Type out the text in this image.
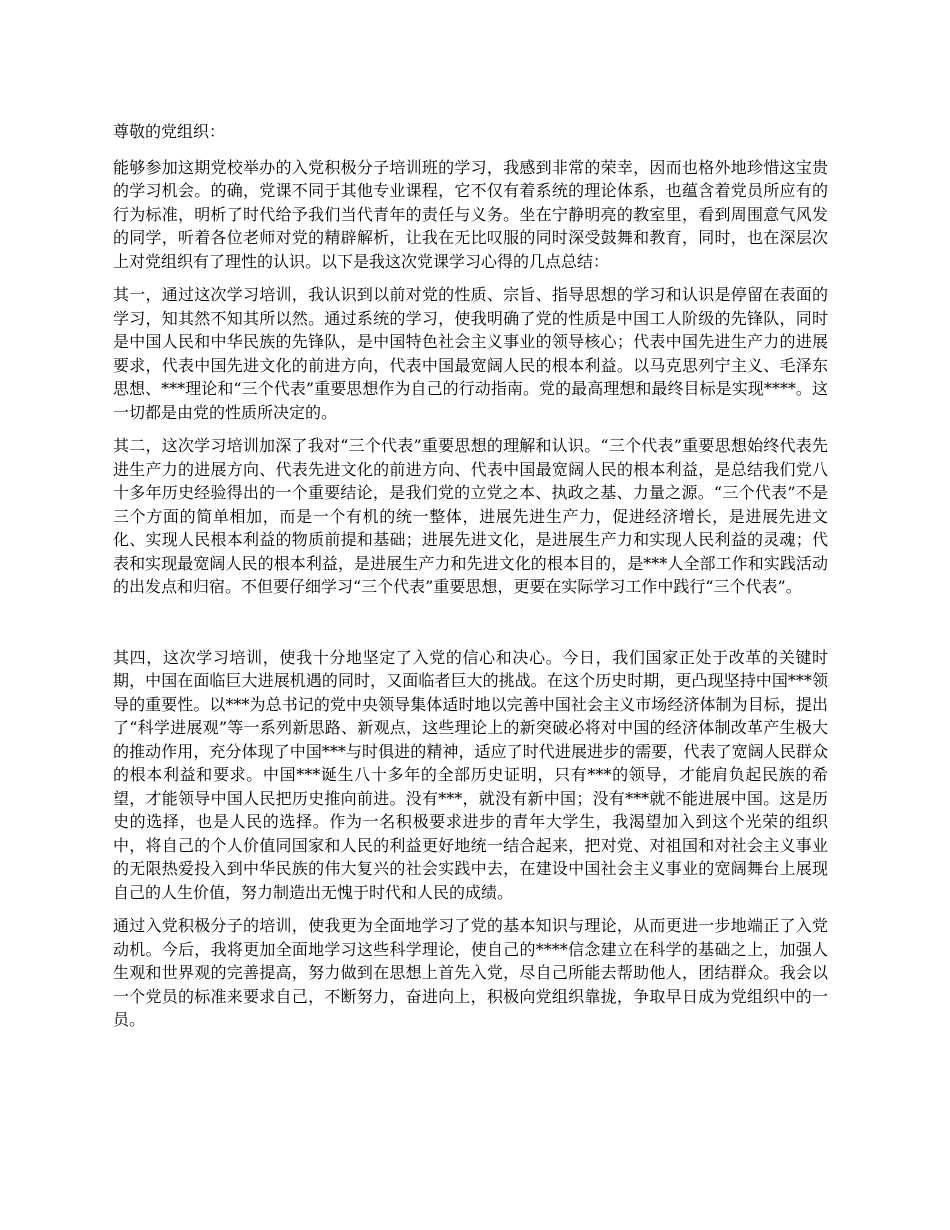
尊敬的党组织：

能够参加这期党校举办的入党积极分子培训班的学习，我感到非常的荣幸，因而也格外地珍惜这宝贵的学习机会。的确，党课不同于其他专业课程，它不仅有着系统的理论体系，也蕴含着党员所应有的行为标准，明析了时代给予我们当代青年的责任与义务。坐在宁静明亮的教室里，看到周围意气风发的同学，听着各位老师对党的精辟解析，让我在无比叹服的同时深受鼓舞和教育，同时，也在深层次上对党组织有了理性的认识。以下是我这次党课学习心得的几点总结：

其一，通过这次学习培训，我认识到以前对党的性质、宗旨、指导思想的学习和认识是停留在表面的学习，知其然不知其所以然。通过系统的学习，使我明确了党的性质是中国工人阶级的先锋队，同时是中国人民和中华民族的先锋队，是中国特色社会主义事业的领导核心；代表中国先进生产力的进展要求，代表中国先进文化的前进方向，代表中国最宽阔人民的根本利益。以马克思列宁主义、毛泽东思想、***理论和“三个代表”重要思想作为自己的行动指南。党的最高理想和最终目标是实现****。这一切都是由党的性质所决定的。

其二，这次学习培训加深了我对“三个代表”重要思想的理解和认识。“三个代表”重要思想始终代表先进生产力的进展方向、代表先进文化的前进方向、代表中国最宽阔人民的根本利益，是总结我们党八十多年历史经验得出的一个重要结论，是我们党的立党之本、执政之基、力量之源。“三个代表”不是三个方面的简单相加，而是一个有机的统一整体，进展先进生产力，促进经济增长，是进展先进文化、实现人民根本利益的物质前提和基础；进展先进文化，是进展生产力和实现人民利益的灵魂；代表和实现最宽阔人民的根本利益，是进展生产力和先进文化的根本目的，是***人全部工作和实践活动的出发点和归宿。不但要仔细学习“三个代表”重要思想，更要在实际学习工作中践行“三个代表”。

其四，这次学习培训，使我十分地坚定了入党的信心和决心。今日，我们国家正处于改革的关键时期，中国在面临巨大进展机遇的同时，又面临者巨大的挑战。在这个历史时期，更凸现坚持中国***领导的重要性。以***为总书记的党中央领导集体适时地以完善中国社会主义市场经济体制为目标，提出了“科学进展观”等一系列新思路、新观点，这些理论上的新突破必将对中国的经济体制改革产生极大的推动作用，充分体现了中国***与时俱进的精神，适应了时代进展进步的需要，代表了宽阔人民群众的根本利益和要求。中国***诞生八十多年的全部历史证明，只有***的领导，才能肩负起民族的希望，才能领导中国人民把历史推向前进。没有***，就没有新中国；没有***就不能进展中国。这是历史的选择，也是人民的选择。作为一名积极要求进步的青年大学生，我渴望加入到这个光荣的组织中，将自己的个人价值同国家和人民的利益更好地统一结合起来，把对党、对祖国和对社会主义事业的无限热爱投入到中华民族的伟大复兴的社会实践中去，在建设中国社会主义事业的宽阔舞台上展现自己的人生价值，努力制造出无愧于时代和人民的成绩。

通过入党积极分子的培训，使我更为全面地学习了党的基本知识与理论，从而更进一步地端正了入党动机。今后，我将更加全面地学习这些科学理论，使自己的****信念建立在科学的基础之上，加强人生观和世界观的完善提高，努力做到在思想上首先入党，尽自己所能去帮助他人，团结群众。我会以一个党员的标准来要求自己，不断努力，奋进向上，积极向党组织靠拢，争取早日成为党组织中的一员。
